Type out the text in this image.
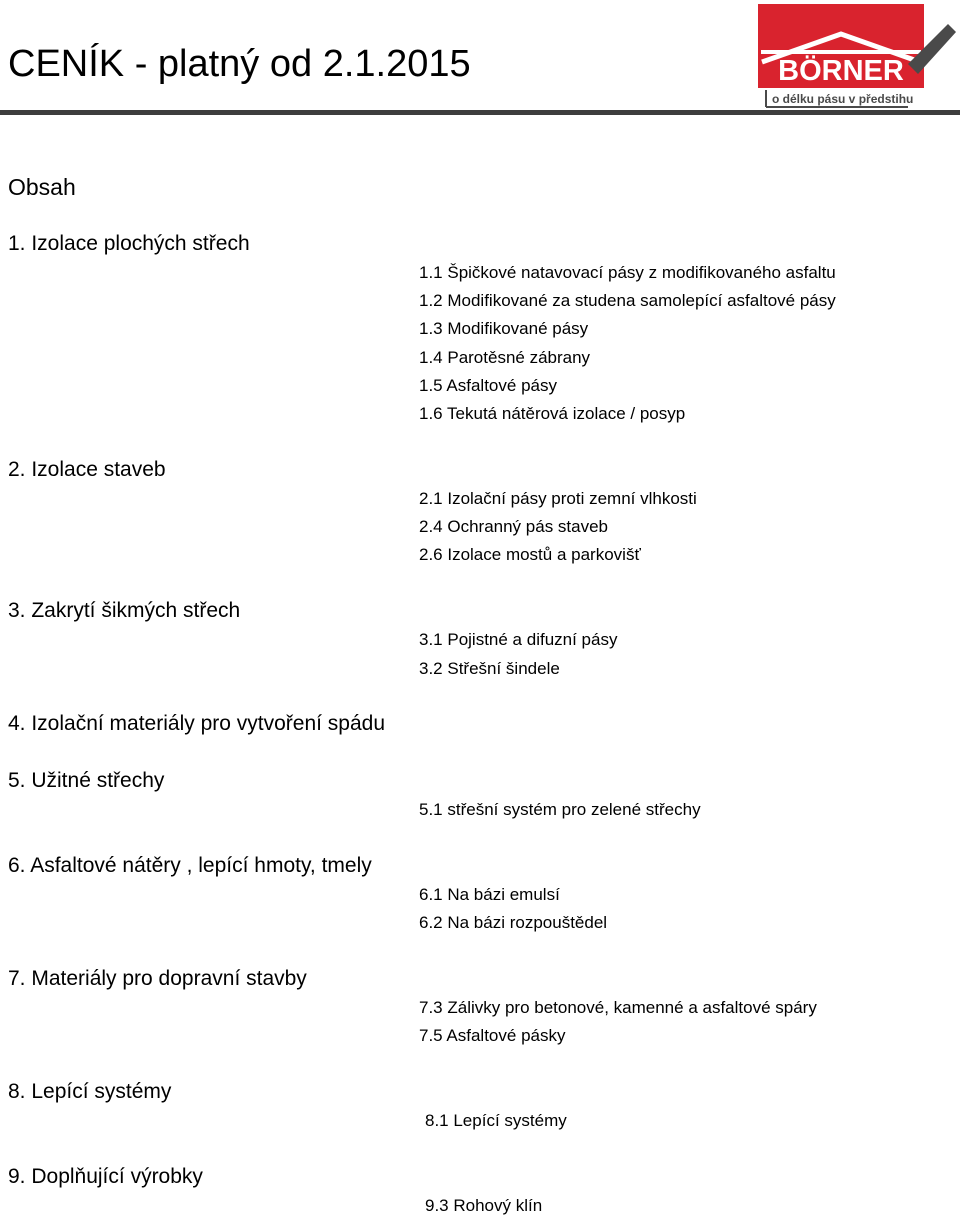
CENÍK - platný od 2.1.2015	BÖRNER
o délku pásu v předstihu
Obsah
1. Izolace plochých střech
1.1 Špičkové natavovací pásy z modifikovaného asfaltu
1.2 Modifikované za studena samolepící asfaltové pásy
1.3 Modifikované pásy
1.4 Parotěsné zábrany
1.5 Asfaltové pásy
1.6 Tekutá nátěrová izolace / posyp
2. Izolace staveb
2.1 Izolační pásy proti zemní vlhkosti
2.4 Ochranný pás staveb
2.6 Izolace mostů a parkovišť
3. Zakrytí šikmých střech
3.1 Pojistné a difuzní pásy
3.2 Střešní šindele
4. Izolační materiály pro vytvoření spádu
5. Užitné střechy
5.1 střešní systém pro zelené střechy
6. Asfaltové nátěry , lepící hmoty, tmely
6.1 Na bázi emulsí
6.2 Na bázi rozpouštědel
7. Materiály pro dopravní stavby
7.3 Zálivky pro betonové, kamenné a asfaltové spáry
7.5 Asfaltové pásky
8. Lepící systémy
8.1 Lepící systémy
9. Doplňující výrobky
9.3 Rohový klín
